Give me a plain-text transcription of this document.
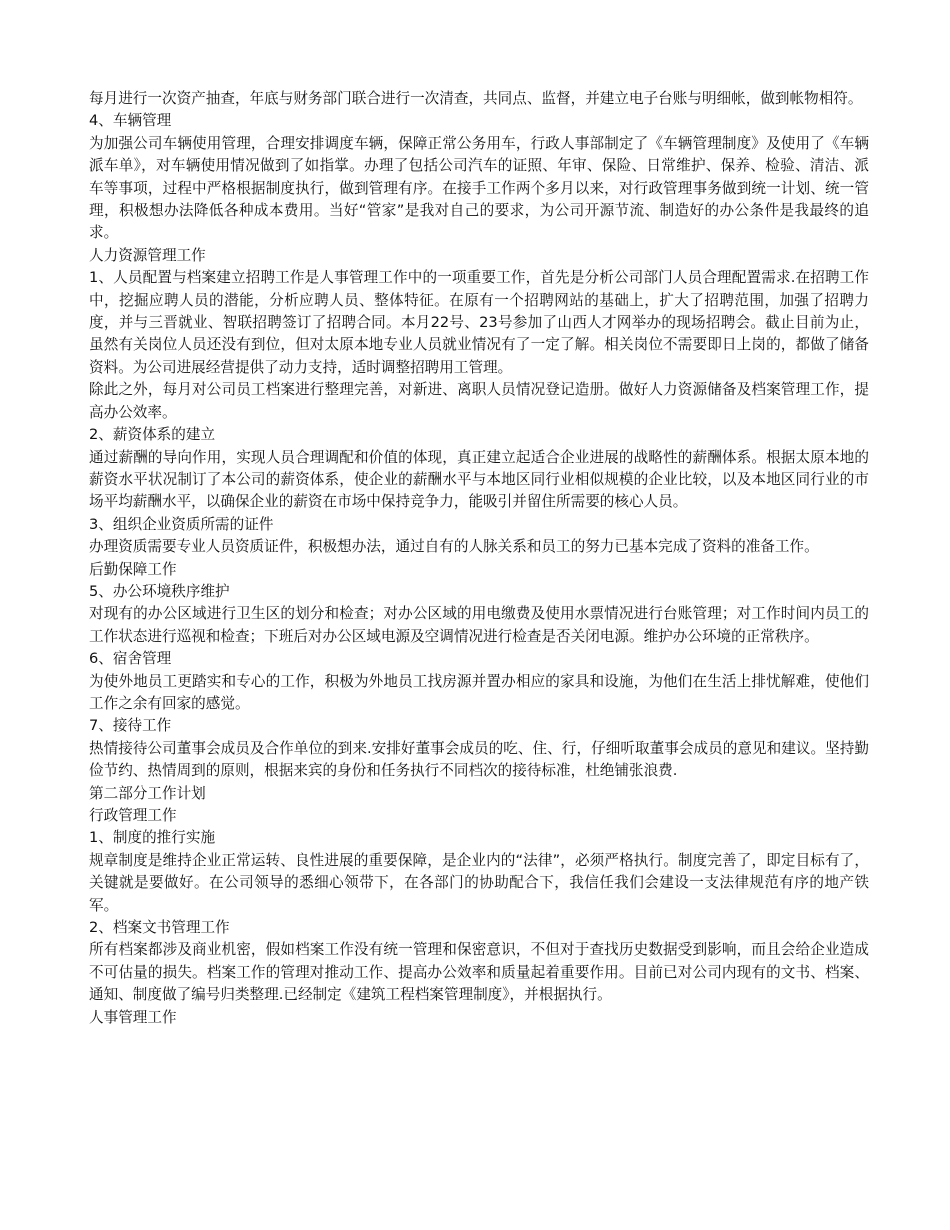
每月进行一次资产抽查，年底与财务部门联合进行一次清查，共同点、监督，并建立电子台账与明细帐，做到帐物相符。

4、车辆管理

为加强公司车辆使用管理，合理安排调度车辆，保障正常公务用车，行政人事部制定了《车辆管理制度》及使用了《车辆派车单》，对车辆使用情况做到了如指掌。办理了包括公司汽车的证照、年审、保险、日常维护、保养、检验、清洁、派车等事项，过程中严格根据制度执行，做到管理有序。在接手工作两个多月以来，对行政管理事务做到统一计划、统一管理，积极想办法降低各种成本费用。当好“管家”是我对自己的要求，为公司开源节流、制造好的办公条件是我最终的追求。

人力资源管理工作

1、人员配置与档案建立招聘工作是人事管理工作中的一项重要工作，首先是分析公司部门人员合理配置需求.在招聘工作中，挖掘应聘人员的潜能，分析应聘人员、整体特征。在原有一个招聘网站的基础上，扩大了招聘范围，加强了招聘力度，并与三晋就业、智联招聘签订了招聘合同。本月22号、23号参加了山西人才网举办的现场招聘会。截止目前为止，虽然有关岗位人员还没有到位，但对太原本地专业人员就业情况有了一定了解。相关岗位不需要即日上岗的，都做了储备资料。为公司进展经营提供了动力支持，适时调整招聘用工管理。

除此之外，每月对公司员工档案进行整理完善，对新进、离职人员情况登记造册。做好人力资源储备及档案管理工作，提高办公效率。

2、薪资体系的建立

通过薪酬的导向作用，实现人员合理调配和价值的体现，真正建立起适合企业进展的战略性的薪酬体系。根据太原本地的薪资水平状况制订了本公司的薪资体系，使企业的薪酬水平与本地区同行业相似规模的企业比较，以及本地区同行业的市场平均薪酬水平，以确保企业的薪资在市场中保持竞争力，能吸引并留住所需要的核心人员。

3、组织企业资质所需的证件

办理资质需要专业人员资质证件，积极想办法，通过自有的人脉关系和员工的努力已基本完成了资料的准备工作。

后勤保障工作
5、办公环境秩序维护

对现有的办公区域进行卫生区的划分和检查；对办公区域的用电缴费及使用水票情况进行台账管理；对工作时间内员工的工作状态进行巡视和检查；下班后对办公区域电源及空调情况进行检查是否关闭电源。维护办公环境的正常秩序。

6、宿舍管理

为使外地员工更踏实和专心的工作，积极为外地员工找房源并置办相应的家具和设施，为他们在生活上排忧解难，使他们工作之余有回家的感觉。

7、接待工作

热情接待公司董事会成员及合作单位的到来.安排好董事会成员的吃、住、行，仔细听取董事会成员的意见和建议。坚持勤俭节约、热情周到的原则，根据来宾的身份和任务执行不同档次的接待标准，杜绝铺张浪费.

第二部分工作计划
行政管理工作
1、制度的推行实施

规章制度是维持企业正常运转、良性进展的重要保障，是企业内的“法律”，必须严格执行。制度完善了，即定目标有了，关键就是要做好。在公司领导的悉细心领带下，在各部门的协助配合下，我信任我们会建设一支法律规范有序的地产铁军。

2、档案文书管理工作

所有档案都涉及商业机密，假如档案工作没有统一管理和保密意识，不但对于查找历史数据受到影响，而且会给企业造成不可估量的损失。档案工作的管理对推动工作、提高办公效率和质量起着重要作用。目前已对公司内现有的文书、档案、通知、制度做了编号归类整理.已经制定《建筑工程档案管理制度》，并根据执行。

人事管理工作
